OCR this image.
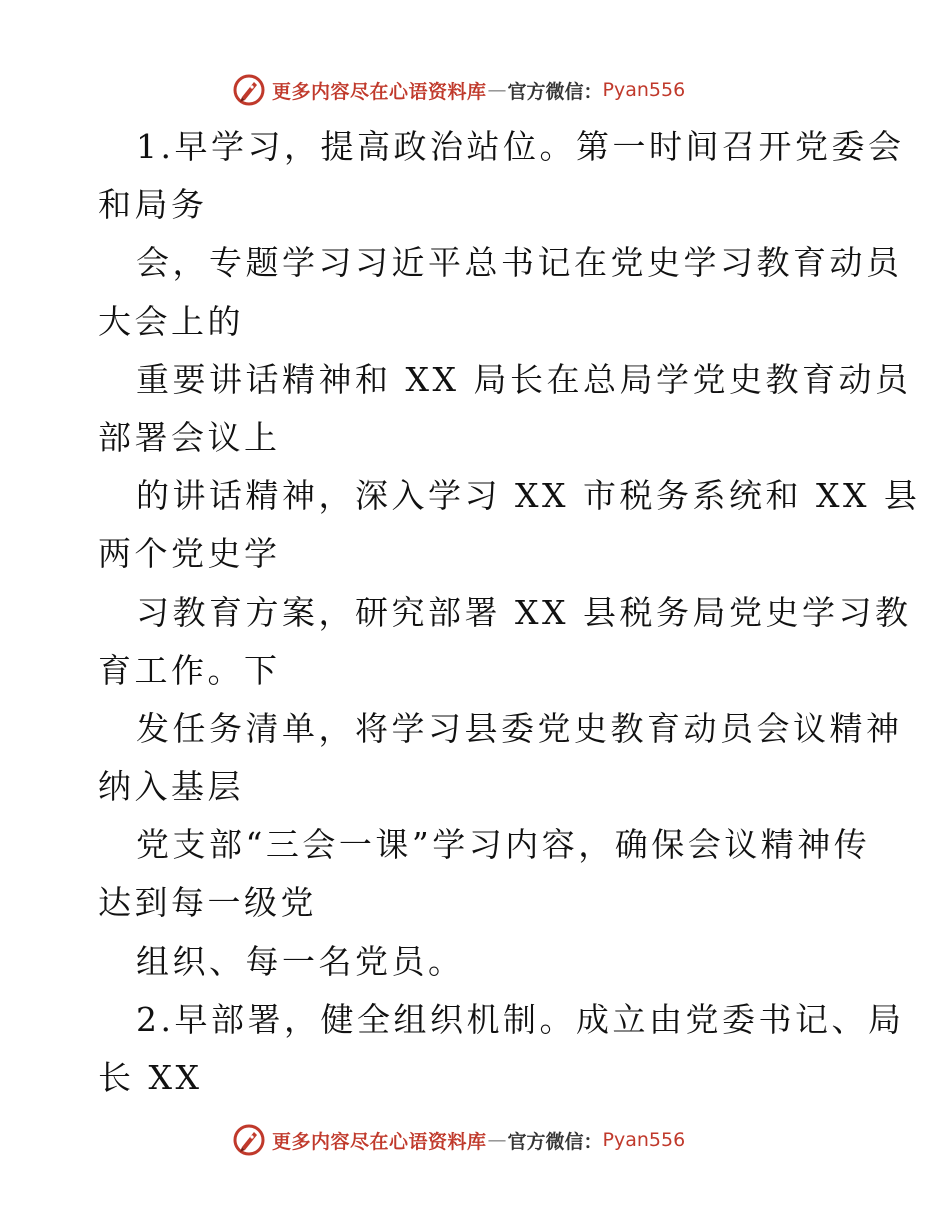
更多内容尽在心语资料库 — 官方微信： Pyan556
1.早学习，提高政治站位。第一时间召开党委会
和局务
会，专题学习习近平总书记在党史学习教育动员
大会上的
重要讲话精神和 XX 局长在总局学党史教育动员
部署会议上
的讲话精神，深入学习 XX 市税务系统和 XX 县
两个党史学
习教育方案，研究部署 XX 县税务局党史学习教
育工作。下
发任务清单，将学习县委党史教育动员会议精神
纳入基层
党支部“三会一课”学习内容，确保会议精神传
达到每一级党
组织、每一名党员。
2.早部署，健全组织机制。成立由党委书记、局
长 XX
更多内容尽在心语资料库 — 官方微信： Pyan556
